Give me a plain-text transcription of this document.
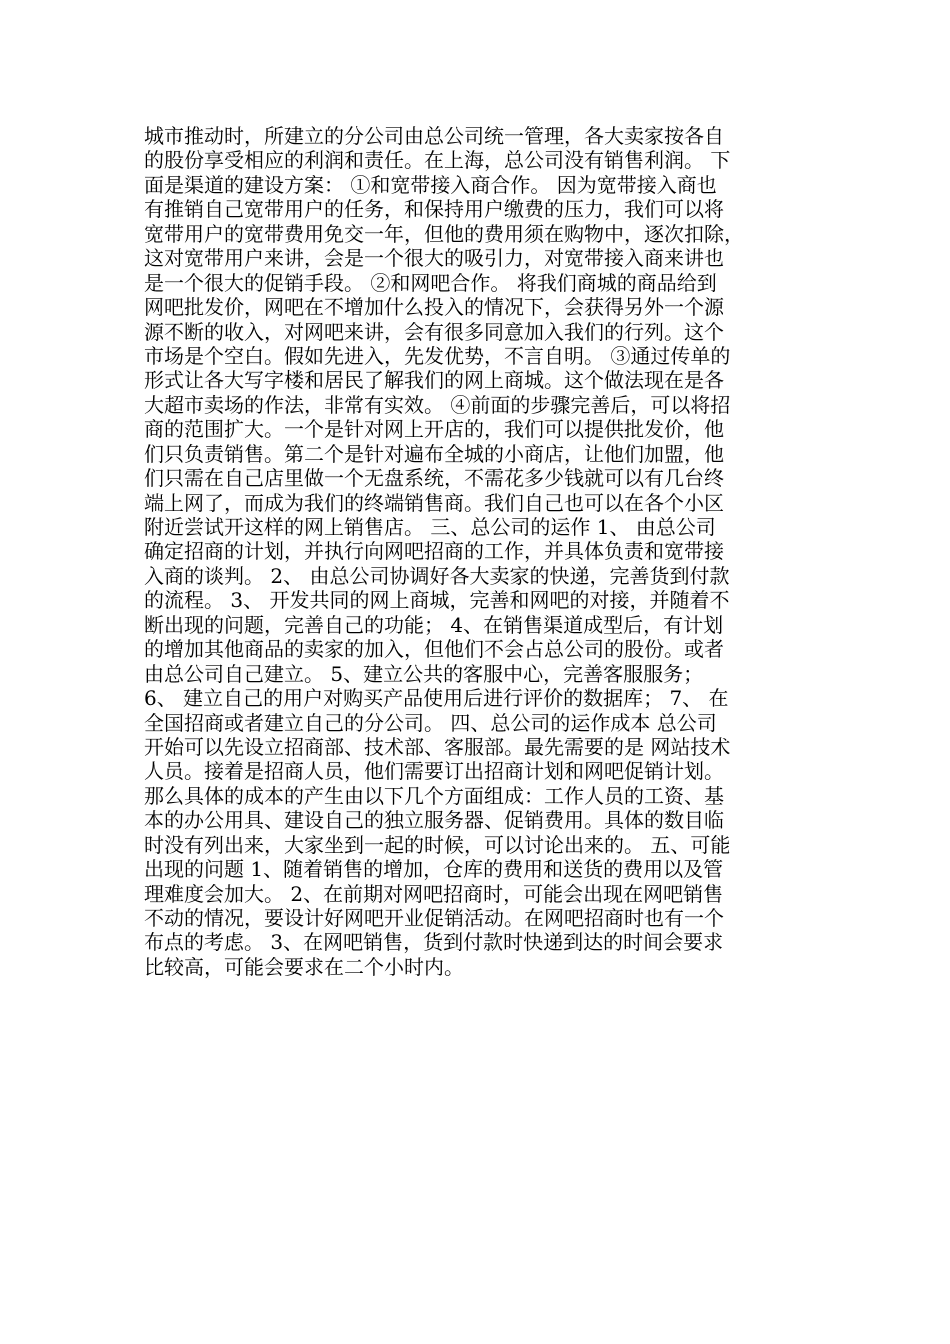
城市推动时，所建立的分公司由总公司统一管理，各大卖家按各自
的股份享受相应的利润和责任。在上海，总公司没有销售利润。 下
面是渠道的建设方案： ①和宽带接入商合作。 因为宽带接入商也
有推销自己宽带用户的任务，和保持用户缴费的压力，我们可以将
宽带用户的宽带费用免交一年，但他的费用须在购物中，逐次扣除，
这对宽带用户来讲，会是一个很大的吸引力，对宽带接入商来讲也
是一个很大的促销手段。 ②和网吧合作。 将我们商城的商品给到
网吧批发价，网吧在不增加什么投入的情况下，会获得另外一个源
源不断的收入，对网吧来讲，会有很多同意加入我们的行列。这个
市场是个空白。假如先进入，先发优势，不言自明。 ③通过传单的
形式让各大写字楼和居民了解我们的网上商城。这个做法现在是各
大超市卖场的作法，非常有实效。 ④前面的步骤完善后，可以将招
商的范围扩大。一个是针对网上开店的，我们可以提供批发价，他
们只负责销售。第二个是针对遍布全城的小商店，让他们加盟，他
们只需在自己店里做一个无盘系统，不需花多少钱就可以有几台终
端上网了，而成为我们的终端销售商。我们自己也可以在各个小区
附近尝试开这样的网上销售店。 三、总公司的运作 1、 由总公司
确定招商的计划，并执行向网吧招商的工作，并具体负责和宽带接
入商的谈判。 2、 由总公司协调好各大卖家的快递，完善货到付款
的流程。 3、 开发共同的网上商城，完善和网吧的对接，并随着不
断出现的问题，完善自己的功能； 4、在销售渠道成型后，有计划
的增加其他商品的卖家的加入，但他们不会占总公司的股份。或者
由总公司自己建立。 5、建立公共的客服中心，完善客服服务；
6、 建立自己的用户对购买产品使用后进行评价的数据库； 7、 在
全国招商或者建立自己的分公司。 四、总公司的运作成本 总公司
开始可以先设立招商部、技术部、客服部。最先需要的是 网站技术
人员。接着是招商人员，他们需要订出招商计划和网吧促销计划。
那么具体的成本的产生由以下几个方面组成：工作人员的工资、基
本的办公用具、建设自己的独立服务器、促销费用。具体的数目临
时没有列出来，大家坐到一起的时候，可以讨论出来的。 五、可能
出现的问题 1、随着销售的增加，仓库的费用和送货的费用以及管
理难度会加大。 2、在前期对网吧招商时，可能会出现在网吧销售
不动的情况，要设计好网吧开业促销活动。在网吧招商时也有一个
布点的考虑。 3、在网吧销售，货到付款时快递到达的时间会要求
比较高，可能会要求在二个小时内。
